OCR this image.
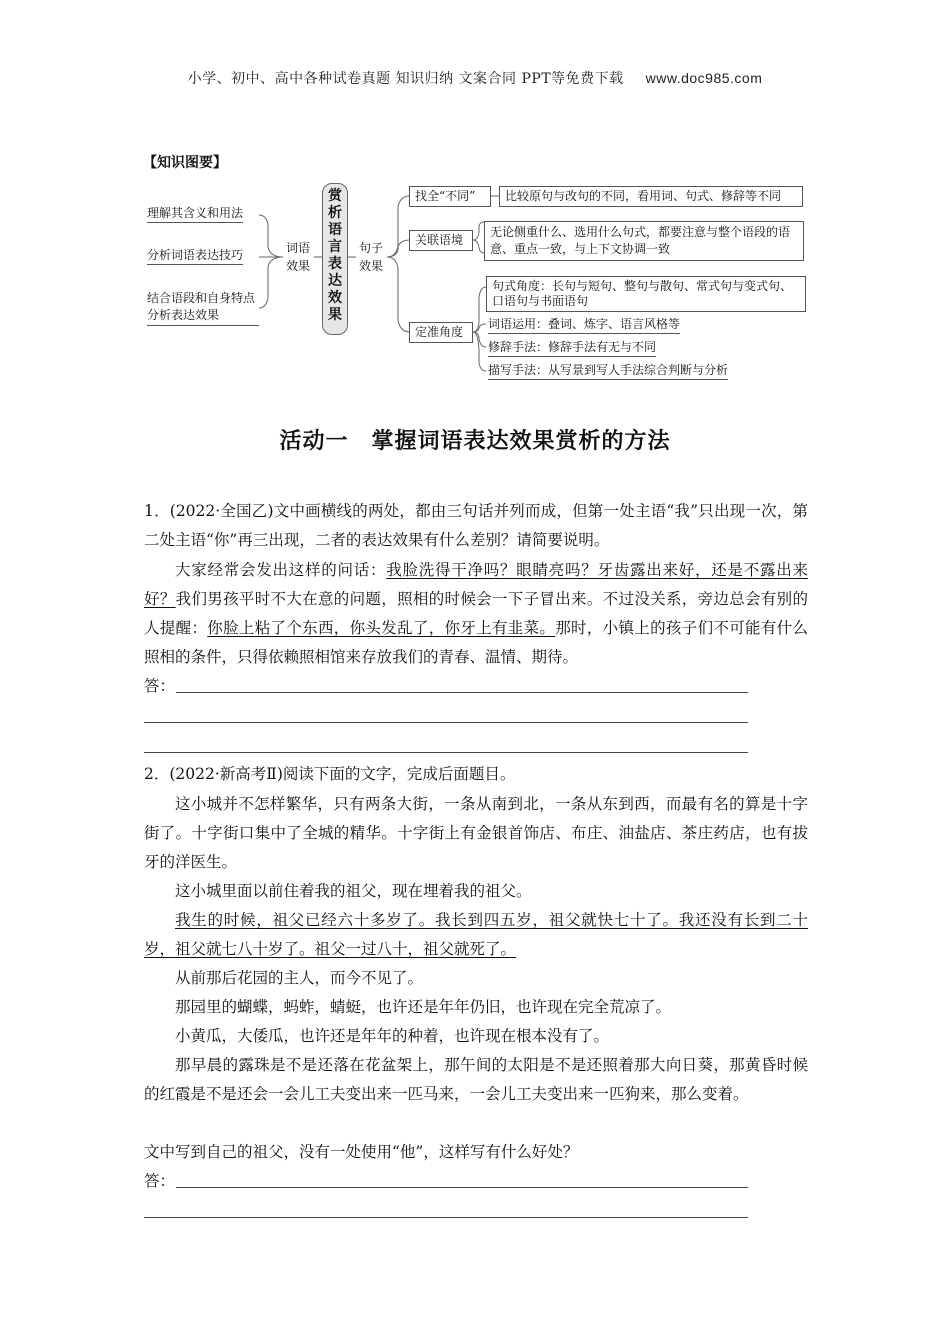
小学、初中、高中各种试卷真题 知识归纳 文案合同 PPT等免费下载 www.doc985.com
【知识图要】
理解其含义和用法
分析词语表达技巧
结合语段和自身特点分析表达效果
词语
效果
赏析语言表达效果
句子
效果
找全“不同”
关联语境
定准角度
比较原句与改句的不同，看用词、句式、修辞等不同
无论侧重什么、选用什么句式，都要注意与整个语段的语意、重点一致，与上下文协调一致
句式角度：长句与短句、整句与散句、常式句与变式句、口语句与书面语句
词语运用：叠词、炼字、语言风格等
修辞手法：修辞手法有无与不同
描写手法：从写景到写人手法综合判断与分析
活动一　掌握词语表达效果赏析的方法
1．(2022·全国乙)文中画横线的两处，都由三句话并列而成，但第一处主语“我”只出现一次，第二处主语“你”再三出现，二者的表达效果有什么差别？请简要说明。
大家经常会发出这样的问话：我脸洗得干净吗？眼睛亮吗？牙齿露出来好，还是不露出来好？我们男孩平时不大在意的问题，照相的时候会一下子冒出来。不过没关系，旁边总会有别的人提醒：你脸上粘了个东西，你头发乱了，你牙上有韭菜。那时，小镇上的孩子们不可能有什么照相的条件，只得依赖照相馆来存放我们的青春、温情、期待。
答：
2．(2022·新高考Ⅱ)阅读下面的文字，完成后面题目。
这小城并不怎样繁华，只有两条大街，一条从南到北，一条从东到西，而最有名的算是十字街了。十字街口集中了全城的精华。十字街上有金银首饰店、布庄、油盐店、茶庄药店，也有拔牙的洋医生。
这小城里面以前住着我的祖父，现在埋着我的祖父。
我生的时候，祖父已经六十多岁了。我长到四五岁，祖父就快七十了。我还没有长到二十岁，祖父就七八十岁了。祖父一过八十，祖父就死了。
从前那后花园的主人，而今不见了。
那园里的蝴蝶，蚂蚱，蜻蜓，也许还是年年仍旧，也许现在完全荒凉了。
小黄瓜，大倭瓜，也许还是年年的种着，也许现在根本没有了。
那早晨的露珠是不是还落在花盆架上，那午间的太阳是不是还照着那大向日葵，那黄昏时候的红霞是不是还会一会儿工夫变出来一匹马来，一会儿工夫变出来一匹狗来，那么变着。
文中写到自己的祖父，没有一处使用“他”，这样写有什么好处？
答：
